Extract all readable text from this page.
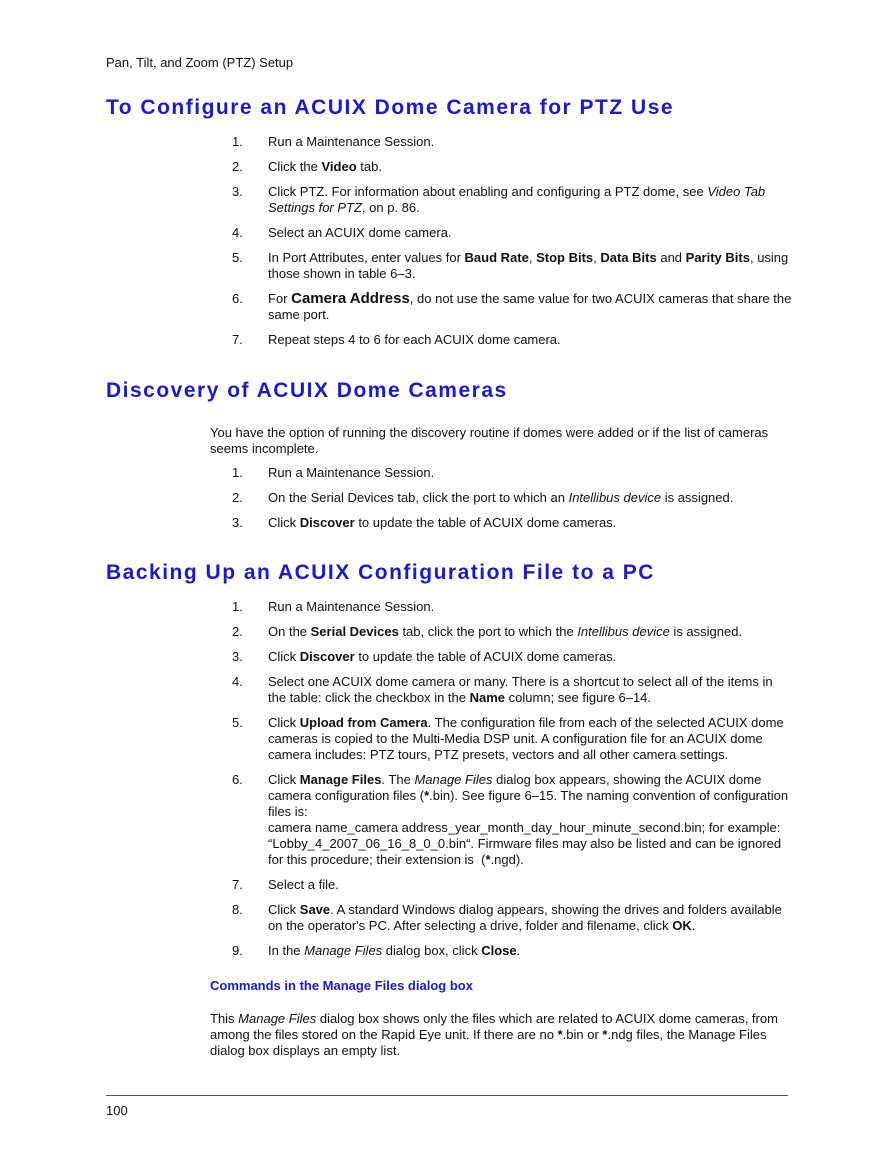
Pan, Tilt, and Zoom (PTZ) Setup
To Configure an ACUIX Dome Camera for PTZ Use
1. Run a Maintenance Session.
2. Click the Video tab.
3. Click PTZ. For information about enabling and configuring a PTZ dome, see Video Tab Settings for PTZ, on p. 86.
4. Select an ACUIX dome camera.
5. In Port Attributes, enter values for Baud Rate, Stop Bits, Data Bits and Parity Bits, using those shown in table 6–3.
6. For Camera Address, do not use the same value for two ACUIX cameras that share the same port.
7. Repeat steps 4 to 6 for each ACUIX dome camera.
Discovery of ACUIX Dome Cameras

You have the option of running the discovery routine if domes were added or if the list of cameras seems incomplete.

1. Run a Maintenance Session.
2. On the Serial Devices tab, click the port to which an Intellibus device is assigned.
3. Click Discover to update the table of ACUIX dome cameras.
Backing Up an ACUIX Configuration File to a PC
1. Run a Maintenance Session.
2. On the Serial Devices tab, click the port to which the Intellibus device is assigned.
3. Click Discover to update the table of ACUIX dome cameras.
4. Select one ACUIX dome camera or many. There is a shortcut to select all of the items in the table: click the checkbox in the Name column; see figure 6–14.
5. Click Upload from Camera. The configuration file from each of the selected ACUIX dome cameras is copied to the Multi-Media DSP unit. A configuration file for an ACUIX dome camera includes: PTZ tours, PTZ presets, vectors and all other camera settings.
6. Click Manage Files. The Manage Files dialog box appears, showing the ACUIX dome camera configuration files (*.bin). See figure 6–15. The naming convention of configuration files is:
camera name_camera address_year_month_day_hour_minute_second.bin; for example: “Lobby_4_2007_06_16_8_0_0.bin“. Firmware files may also be listed and can be ignored for this procedure; their extension is  (*.ngd).
7. Select a file.
8. Click Save. A standard Windows dialog appears, showing the drives and folders available on the operator's PC. After selecting a drive, folder and filename, click OK.
9. In the Manage Files dialog box, click Close.
Commands in the Manage Files dialog box

This Manage Files dialog box shows only the files which are related to ACUIX dome cameras, from among the files stored on the Rapid Eye unit. If there are no *.bin or *.ndg files, the Manage Files dialog box displays an empty list.

100
